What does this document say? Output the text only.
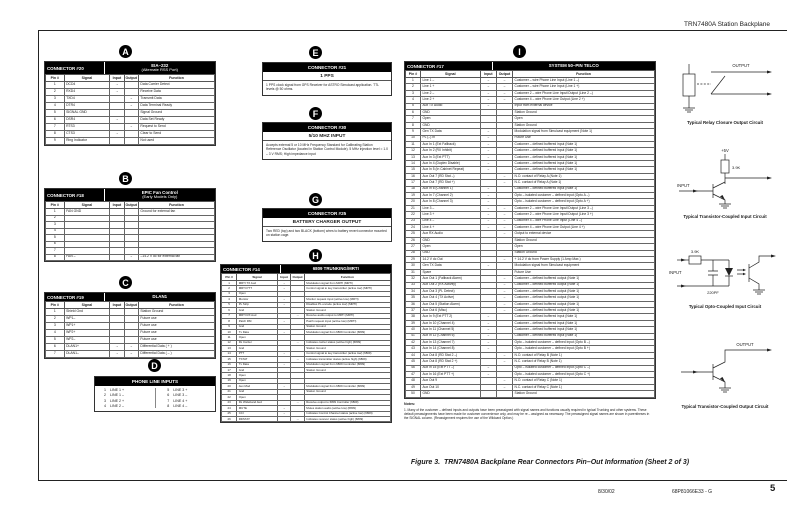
TRN7480A Station Backplane
A
B
C
D
E
F
G
H
I
CONNECTOR #20
EIA–232
(Alternate RSS Port)
Pin #	Signal	Input	Output	Function
1	DCD4	→		Data Carrier Detect
2	RXD4	→		Receive Data
3	TXD4		→	Transmit Data
4	DTR4		→	Data Terminal Ready
5	SIGNAL GND			Signal Ground
6	DSR4	→		Data Set Ready
7	RTS3		→	Request to Send
8	CTS3	→		Clear to Send
9	Ring Indicator			Not used
CONNECTOR #18
EPIC Fan Control
(Early Models Only)
Pin #	Signal	Input	Output	Function
1	FAN GND			Ground for external fan
2				
3				
4				
5				
6				
7				
8	FAN –		→	–14.2 V dc for external fan
CONNECTOR #19	DLAN1
Pin #	Signal	Input	Output	Function
1	Shield Gnd			Station Ground
2	WP1–			Future use
3	WP1+			Future use
4	WP2+			Future use
5	WP2–			Future use
6	DLAN1+	→	→	Differential Data ( + )
7	DLAN1–	→	→	Differential Data ( – )
PHONE LINE INPUTS
1	LINE 1 +
2	LINE 1 –
3	LINE 2 +
4	LINE 2 –
5	LINE 3 +
6	LINE 3 –
7	LINE 4 +
8	LINE 4 –
CONNECTOR #21
1 PPS
1 PPS clock signal from GPS Receiver for ASTRO Simulcast application. TTL levels @ 50 ohms.
CONNECTOR #30
5/10 MHZ INPUT
Accepts external 5 or 10 MHz Frequency Standard for Calibrating Station Reference Oscillator (located in Station Control Module). 5 MHz injection level = 1.0 – 3 V RMS; High impedance input
CONNECTOR #25
BATTERY CHARGER OUTPUT
Two RED (top) and two BLACK (bottom) wires to battery revert connector mounted on station cage.
CONNECTOR #14	6809 TRUNKING/MRTI
Pin #	Signal	Input	Output	Function
1	MRTI TX Aud	→		Modulation signal from MRTI (MRTI)
2	MRTI PTT	→		Control signal to key transmitter (active low) (MRTI)
3	Open			
4	Monitor	→		Monitor request input (active low) (MRTI)
5	PL Strip	→		Disables PL encode (active low) (MRTI)
6	Gnd			Station Ground
7	MRTI RX Aud		→	Receive audio output to MRTI (MRTI)
8	Patch RM	→		Patch request input (active low) (MRTI)
9	Gnd			Station Ground
10	Tx Data	→		Modulation signal from 6809 Controller (6809)
11	Open			
12	Rx Carrier		→	Indicates carrier status (active high) (6809)
13	Gnd			Station Ground
14	PTT	→		Control signal to key transmitter (active low) (6809)
15	TSTAT		→	Indicates transmitter status (active high) (6809)
16	Tx Data	→		Modulation signal from 6809 Controller (6809)
17	Gnd			Station Ground
18	Open			
19	Open			
20	Aux Mod	→		Modulation signal from 6809 Controller (6809)
21	Gnd			Station Ground
22	Open			
23	Rx Wideband Aud		→	Receive output to 6809 Controller (6809)
24	MUTE	→		Mutes station audio (active low) (6809)
25	CCI	→		Indicates Control Channel status (active low) (6809)
26	RDSTAT		→	Indicates receiver status (active high) (6809)
CONNECTOR #17	SYSTEM 50–PIN TELCO
Pin #	Signal	Input	Output	Function
1	Line 1 –	→	→	Customer – wire Phone Line Input (Line 1 –)
2	Line 1 +	→	→	Customer – wire Phone Line Input (Line 1 +)
3	Line 2 –	→	→	Customer 2 – wire Phone Line Input/Output (Line 2 –)
4	Line 2 +	→	→	Customer 4 – wire Phone Line Output (Line 2 +)
5	Aux TX Audio	→		Input from external device
6	GND			Station Ground
7	Open			Open
8	GND			Station Ground
9	Gen TX Data	→		Modulation signal from Simulcast equipment (Note 1)
10	PL (–) In	→		Future Use
11	Aux In 1 (Ext Fallback)	→		Customer – defined buffered input (Note 1)
12	Aux In 2 (RX Inhibit)	→		Customer – defined buffered input (Note 1)
13	Aux In 3 (Ext PTT)	→		Customer – defined buffered input (Note 1)
14	Aux In 4 (Duplex Disable)	→		Customer – defined buffered input (Note 1)
15	Aux In 5 (In Cabinet Repeat)	→		Customer – defined buffered input (Note 1)
16	Aux Out 7 (RD Stat –)		→	N.O. contact of Relay A (Note 1)
17	Aux Out 7 (RD Stat +)		→	N.C. contact of Relay A (Note 1)
18	Aux In 6 (Channel 1)	→		Customer – defined buffered input (Note 1)
19	Aux In 7 (Channel 2)	→		Opto – isolated customer – defined input (Opto A –)
20	Aux In 8 (Channel 3)	→		Opto – isolated customer – defined input (Opto A +)
21	Line 3 –	→	→	Customer 2 – wire Phone Line Input/Output (Line 3 –)
22	Line 3 +	→	→	Customer 2 – wire Phone Line Input/Output (Line 3 +)
23	Line 4 –	→	→	Customer 4 – wire Phone Line Input (Line 4 –)
24	Line 4 +	→	→	Customer 4 – wire Phone Line Output (Line 4 +)
25	Aux RX Audio		→	Output to external device
26	GND			Station Ground
27	Open			Open
28	GND			Station Ground
29	14.2 V dc Out		→	+ 14.2 V dc from Power Supply (1 Amp Max.)
30	Gen TX Data	→		Modulation signal from Simulcast equipment
31	Spare			Future Use
32	Aux Out 1 (Fallback Alarm)		→	Customer – defined buffered output (Note 1)
33	Aux Out 2 (RX Activity)		→	Customer – defined buffered output (Note 1)
34	Aux Out 3 (PL Detect)		→	Customer – defined buffered output (Note 1)
35	Aux Out 4 (TX Active)		→	Customer – defined buffered output (Note 1)
36	Aux Out 5 (Station Alarm)		→	Customer – defined buffered output (Note 1)
37	Aux Out 6 (Misc)		→	Customer – defined buffered output (Note 1)
38	Aux In 9 (Ext PTT 2)	→		Customer – defined buffered input (Note 1)
39	Aux In 10 (Channel 4)	→		Customer – defined buffered input (Note 1)
40	Aux In 11 (Channel 5)	→		Customer – defined buffered input (Note 1)
41	Aux In 12 (Channel 6)	→		Customer – defined buffered input (Note 1)
42	Aux In 13 (Channel 7)	→		Opto – isolated customer – defined input (Opto B –)
43	Aux In 14 (Channel 8)	→		Opto – isolated customer – defined input (Opto B +)
44	Aux Out 8 (RD Stat 2 –)		→	N.O. contact of Relay B (Note 1)
45	Aux Out 8 (RD Stat 2 +)		→	N.C. contact of Relay B (Note 1)
46	Aux In 15 (Ext PTT –)	→		Opto – isolated customer – defined input (Opto C –)
47	Aux In 16 (Ext PTT +)	→		Opto – isolated customer – defined input (Opto C +)
48	Aux Out 9		→	N.O. contact of Relay C (Note 1)
49	Aux Out 10		→	N.C. contact of Relay C (Note 1)
50	GND			Station Ground
Notes:
1. Many of the customer – defined inputs and outputs have been preassigned with signal names and functions usually required in typical Trunking and other systems. These default preassignments have been made for customer convenience only, and may be re – assigned as necessary. The preassigned signal names are shown in parentheses in the SIGNAL column. (Reassignment requires the use of the Wildcard Option.)
OUTPUT
Typical Relay Closure Output Circuit
+5V
3.9K
INPUT
Typical Transistor-Coupled Input Circuit
3.9K
220PF
INPUT
Typical Opto-Coupled Input Circuit
OUTPUT
Typical Transistor-Coupled Output Circuit
Figure 3. TRN7480A Backplane Rear Connectors Pin–Out Information (Sheet 2 of 3)
8/30/02	68P81066E33 - G	5
